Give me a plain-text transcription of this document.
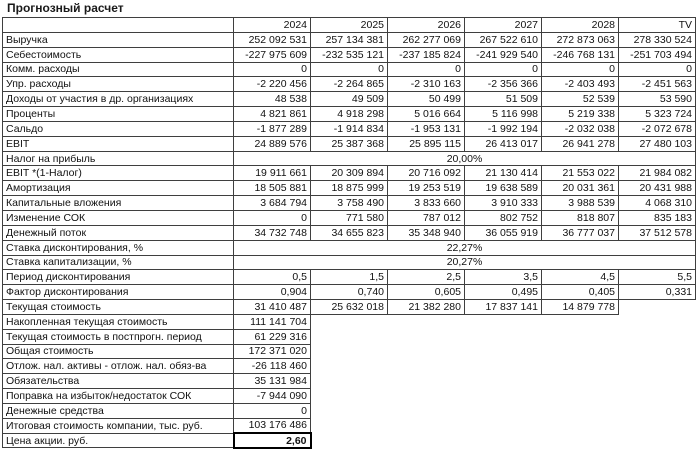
Прогнозный расчет
	2024	2025	2026	2027	2028	TV
Выручка	252 092 531	257 134 381	262 277 069	267 522 610	272 873 063	278 330 524
Себестоимость	-227 975 609	-232 535 121	-237 185 824	-241 929 540	-246 768 131	-251 703 494
Комм. расходы	0	0	0	0	0	0
Упр. расходы	-2 220 456	-2 264 865	-2 310 163	-2 356 366	-2 403 493	-2 451 563
Доходы от участия в др. организациях	48 538	49 509	50 499	51 509	52 539	53 590
Проценты	4 821 861	4 918 298	5 016 664	5 116 998	5 219 338	5 323 724
Сальдо	-1 877 289	-1 914 834	-1 953 131	-1 992 194	-2 032 038	-2 072 678
EBIT	24 889 576	25 387 368	25 895 115	26 413 017	26 941 278	27 480 103
Налог на прибыль	20,00%					
EBIT *(1-Налог)	19 911 661	20 309 894	20 716 092	21 130 414	21 553 022	21 984 082
Амортизация	18 505 881	18 875 999	19 253 519	19 638 589	20 031 361	20 431 988
Капитальные вложения	3 684 794	3 758 490	3 833 660	3 910 333	3 988 539	4 068 310
Изменение СОК	0	771 580	787 012	802 752	818 807	835 183
Денежный поток	34 732 748	34 655 823	35 348 940	36 055 919	36 777 037	37 512 578
Ставка дисконтирования, %	22,27%					
Ставка капитализации, %	20,27%					
Период дисконтирования	0,5	1,5	2,5	3,5	4,5	5,5
Фактор дисконтирования	0,904	0,740	0,605	0,495	0,405	0,331
Текущая стоимость	31 410 487	25 632 018	21 382 280	17 837 141	14 879 778	
Накопленная текущая стоимость	111 141 704					
Текущая стоимость в постпрогн. период	61 229 316					
Общая стоимость	172 371 020					
Отлож. нал. активы - отлож. нал. обяз-ва	-26 118 460					
Обязательства	35 131 984					
Поправка на избыток/недостаток СОК	-7 944 090					
Денежные средства	0					
Итоговая стоимость компании, тыс. руб.	103 176 486					
Цена акции. руб.	2,60					
